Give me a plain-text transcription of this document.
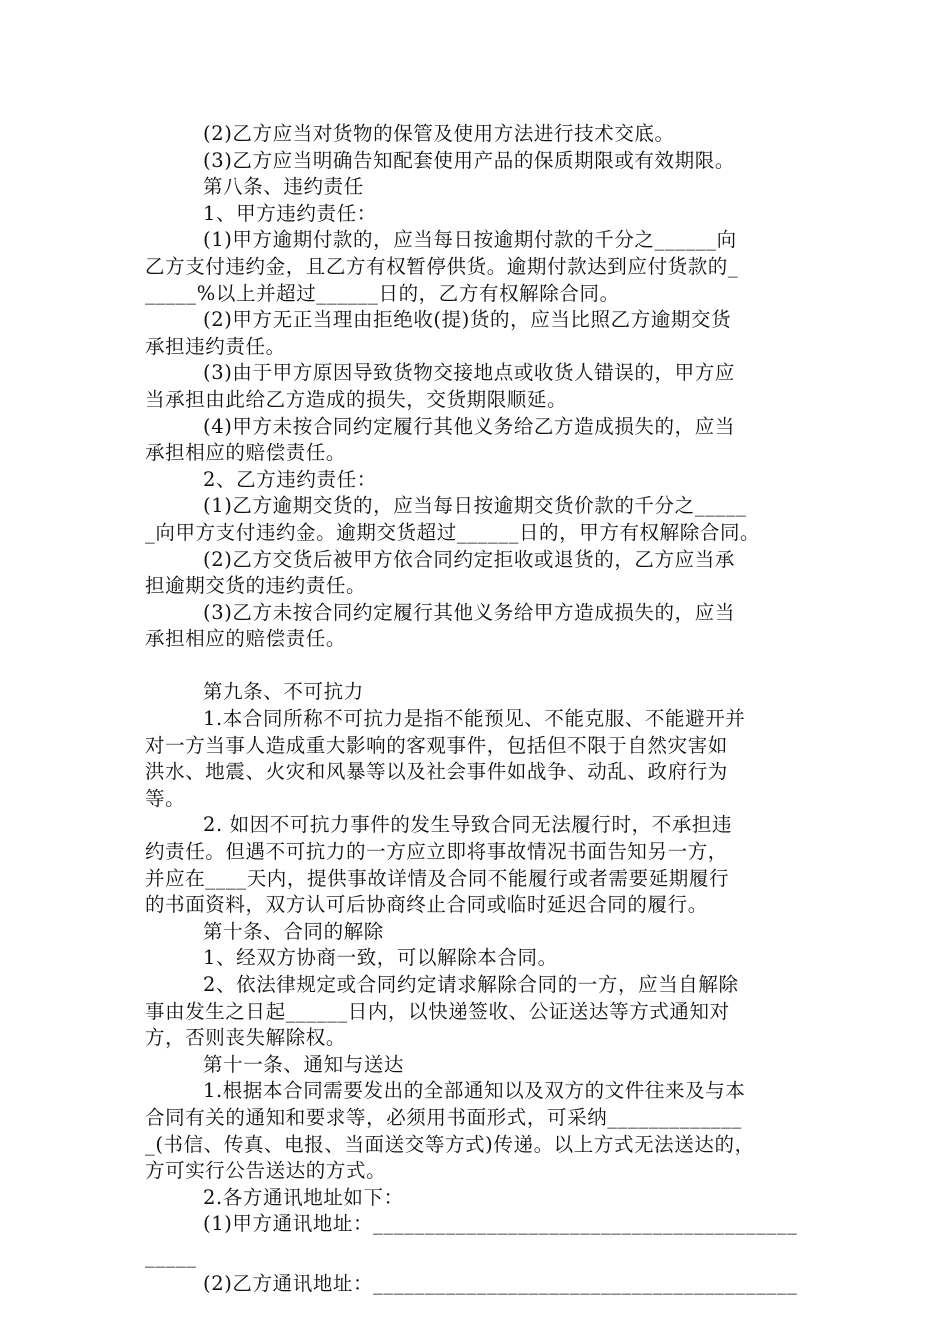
(2)乙方应当对货物的保管及使用方法进行技术交底。
(3)乙方应当明确告知配套使用产品的保质期限或有效期限。
第八条、违约责任
1、甲方违约责任：
(1)甲方逾期付款的，应当每日按逾期付款的千分之______向
乙方支付违约金，且乙方有权暂停供货。逾期付款达到应付货款的_
_____%以上并超过______日的，乙方有权解除合同。
(2)甲方无正当理由拒绝收(提)货的，应当比照乙方逾期交货
承担违约责任。
(3)由于甲方原因导致货物交接地点或收货人错误的，甲方应
当承担由此给乙方造成的损失，交货期限顺延。
(4)甲方未按合同约定履行其他义务给乙方造成损失的，应当
承担相应的赔偿责任。
2、乙方违约责任：
(1)乙方逾期交货的，应当每日按逾期交货价款的千分之_____
_向甲方支付违约金。逾期交货超过______日的，甲方有权解除合同。
(2)乙方交货后被甲方依合同约定拒收或退货的，乙方应当承
担逾期交货的违约责任。
(3)乙方未按合同约定履行其他义务给甲方造成损失的，应当
承担相应的赔偿责任。
第九条、不可抗力
1.本合同所称不可抗力是指不能预见、不能克服、不能避开并
对一方当事人造成重大影响的客观事件，包括但不限于自然灾害如
洪水、地震、火灾和风暴等以及社会事件如战争、动乱、政府行为
等。
2. 如因不可抗力事件的发生导致合同无法履行时，不承担违
约责任。但遇不可抗力的一方应立即将事故情况书面告知另一方，
并应在____天内，提供事故详情及合同不能履行或者需要延期履行
的书面资料，双方认可后协商终止合同或临时延迟合同的履行。
第十条、合同的解除
1、经双方协商一致，可以解除本合同。
2、依法律规定或合同约定请求解除合同的一方，应当自解除
事由发生之日起______日内，以快递签收、公证送达等方式通知对
方，否则丧失解除权。
第十一条、通知与送达
1.根据本合同需要发出的全部通知以及双方的文件往来及与本
合同有关的通知和要求等，必须用书面形式，可采纳_____________
_(书信、传真、电报、当面送交等方式)传递。以上方式无法送达的，
方可实行公告送达的方式。
2.各方通讯地址如下：
(1)甲方通讯地址：_________________________________________
_____
(2)乙方通讯地址：_________________________________________
